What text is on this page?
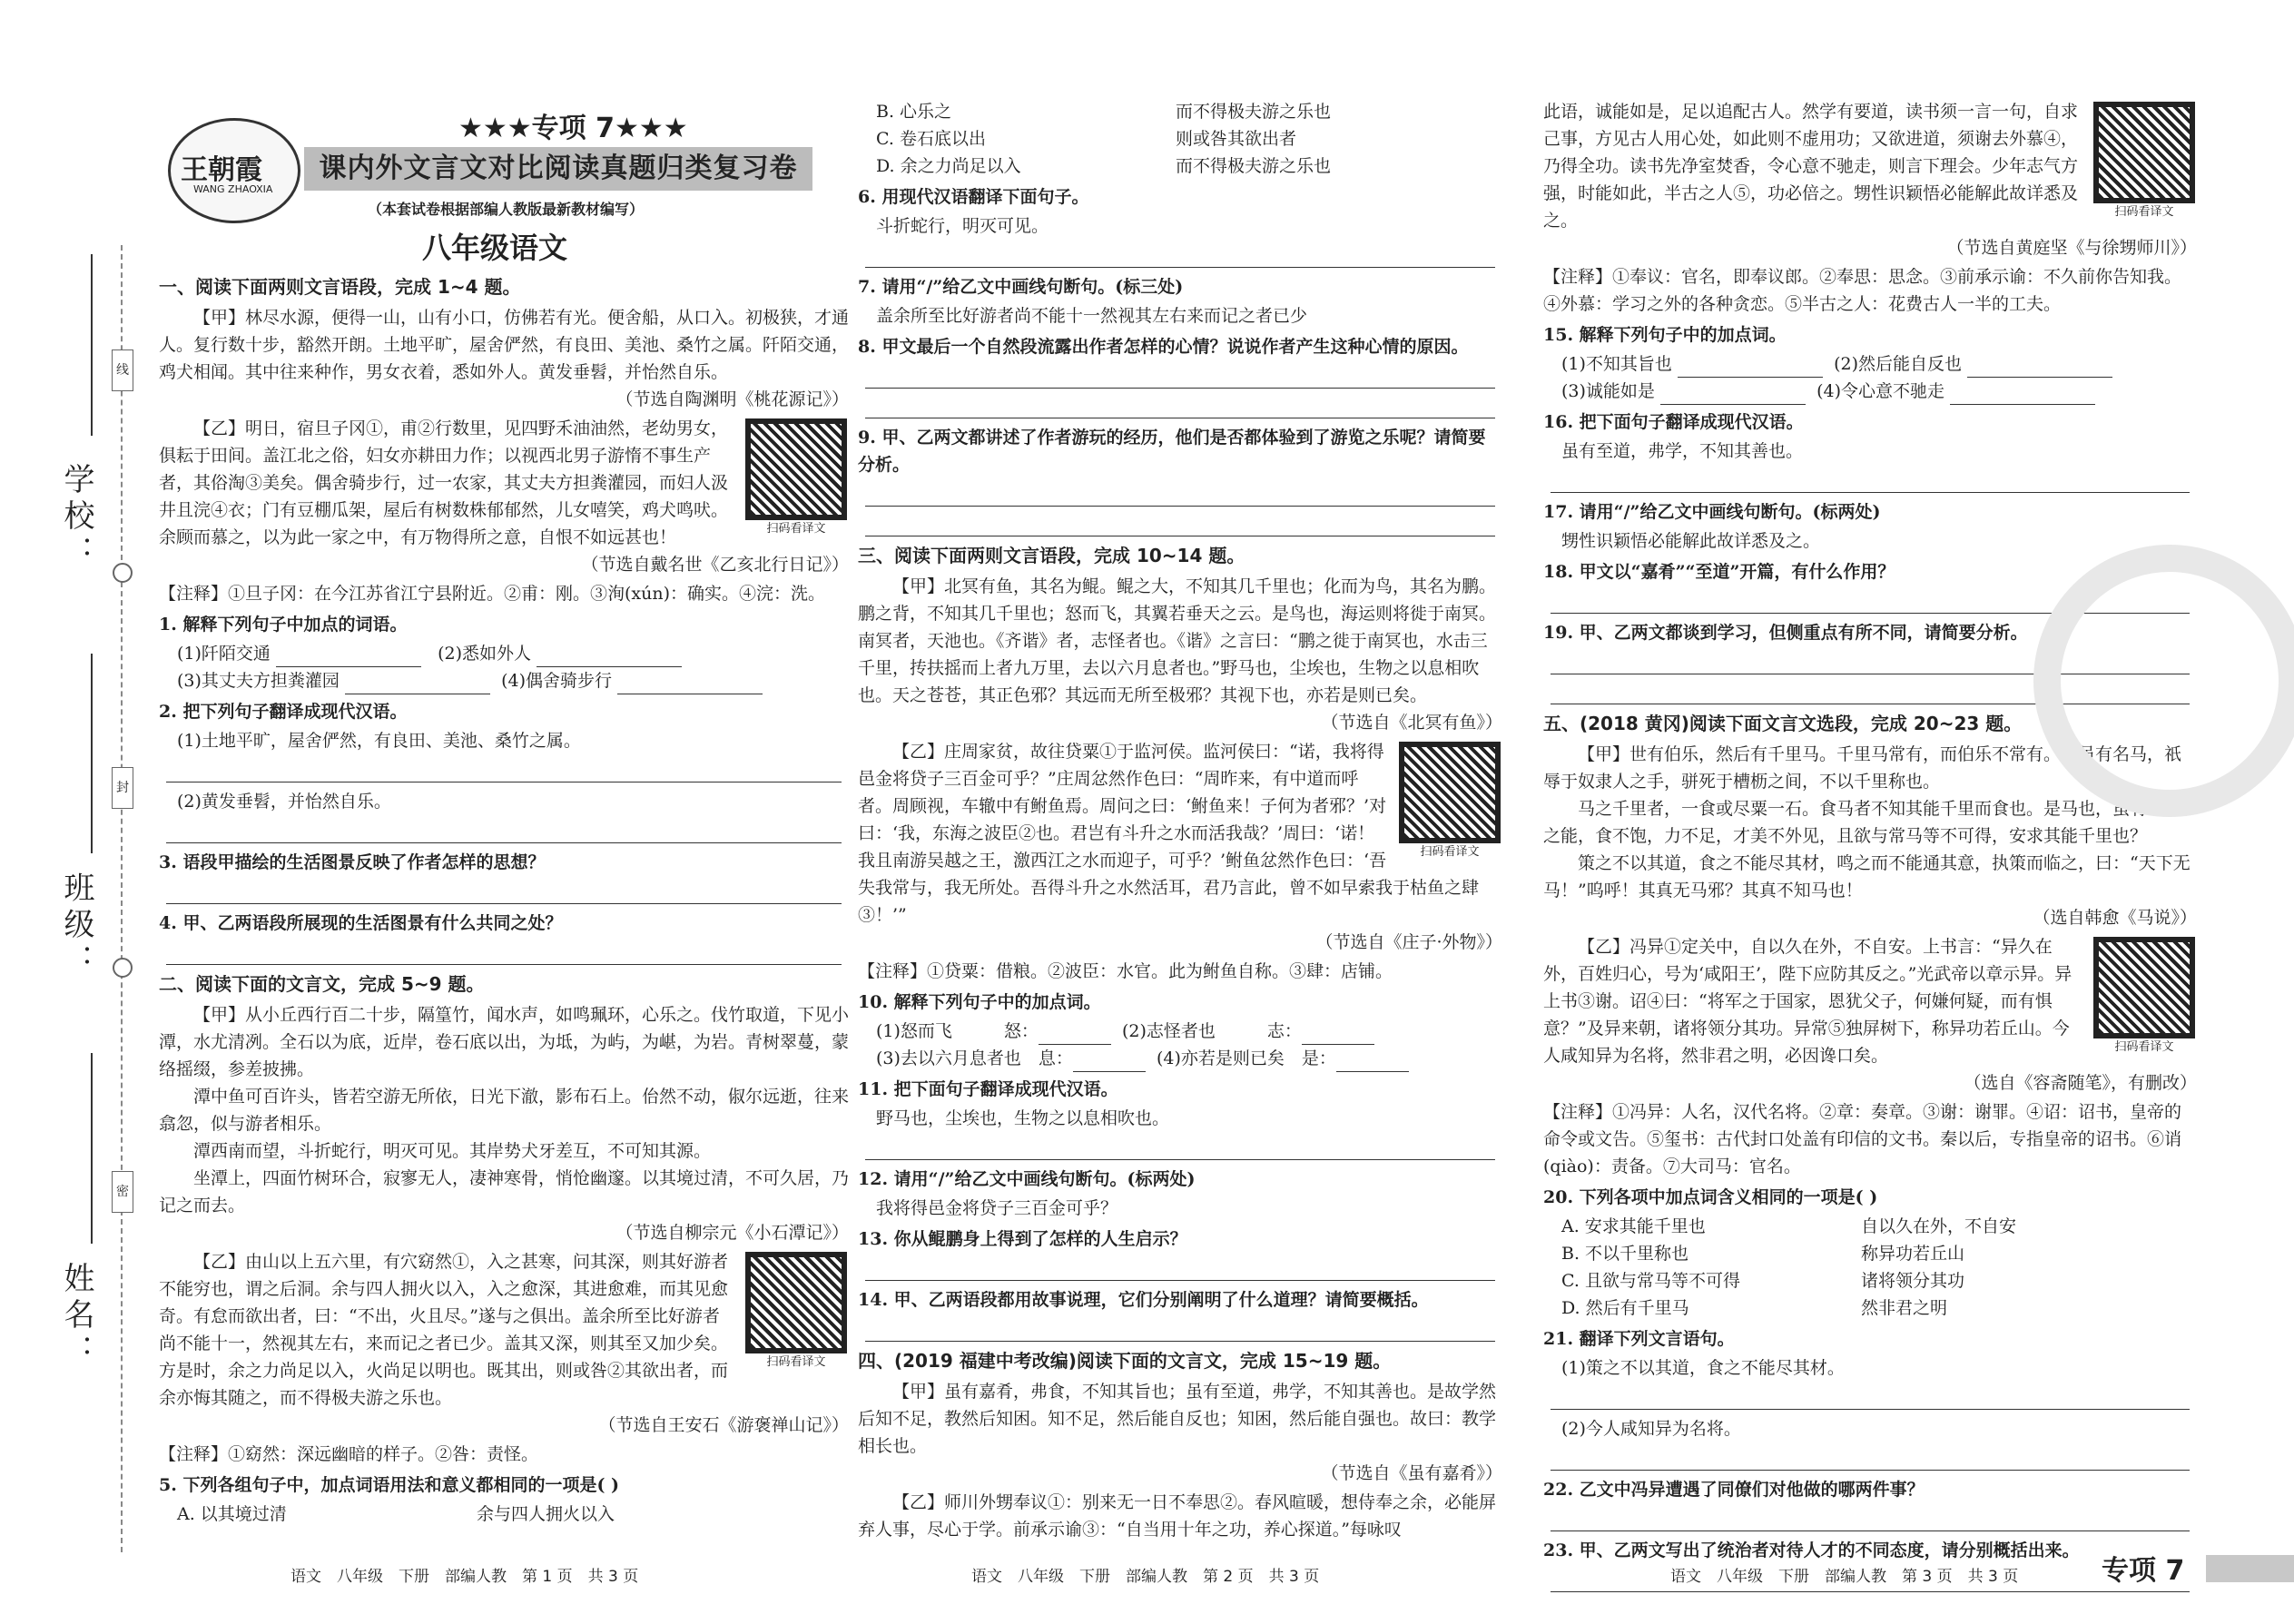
学校：
班级：
姓名：
线
封
密
王朝霞
WANG ZHAOXIA
★★★专项 7★★★
课内外文言文对比阅读真题归类复习卷
（本套试卷根据部编人教版最新教材编写）
八年级语文
一、阅读下面两则文言语段，完成 1~4 题。

【甲】林尽水源，便得一山，山有小口，仿佛若有光。便舍船，从口入。初极狭，才通人。复行数十步，豁然开朗。土地平旷，屋舍俨然，有良田、美池、桑竹之属。阡陌交通，鸡犬相闻。其中往来种作，男女衣着，悉如外人。黄发垂髫，并怡然自乐。

（节选自陶渊明《桃花源记》）

扫码看译文

【乙】明日，宿旦子冈①，甫②行数里，见四野禾油油然，老幼男女，俱耘于田间。盖江北之俗，妇女亦耕田力作；以视西北男子游惰不事生产者，其俗淘③美矣。偶舍骑步行，过一农家，其丈夫方担粪灌园，而妇人汲井且浣④衣；门有豆棚瓜架，屋后有树数株郁郁然，儿女嘻笑，鸡犬鸣吠。余顾而慕之，以为此一家之中，有万物得所之意，自恨不如远甚也！

（节选自戴名世《乙亥北行日记》）

【注释】①旦子冈：在今江苏省江宁县附近。②甫：刚。③洵(xún)：确实。④浣：洗。

1. 解释下列句子中加点的词语。
(1)阡陌交通	(2)悉如外人
(3)其丈夫方担粪灌园	(4)偶舍骑步行
2. 把下列句子翻译成现代汉语。
(1)土地平旷，屋舍俨然，有良田、美池、桑竹之属。
(2)黄发垂髫，并怡然自乐。
3. 语段甲描绘的生活图景反映了作者怎样的思想？
4. 甲、乙两语段所展现的生活图景有什么共同之处？
二、阅读下面的文言文，完成 5~9 题。

【甲】从小丘西行百二十步，隔篁竹，闻水声，如鸣珮环，心乐之。伐竹取道，下见小潭，水尤清冽。全石以为底，近岸，卷石底以出，为坻，为屿，为嵁，为岩。青树翠蔓，蒙络摇缀，参差披拂。

潭中鱼可百许头，皆若空游无所依，日光下澈，影布石上。佁然不动，俶尔远逝，往来翕忽，似与游者相乐。

潭西南而望，斗折蛇行，明灭可见。其岸势犬牙差互，不可知其源。

坐潭上，四面竹树环合，寂寥无人，凄神寒骨，悄怆幽邃。以其境过清，不可久居，乃记之而去。

（节选自柳宗元《小石潭记》）

扫码看译文

【乙】由山以上五六里，有穴窈然①，入之甚寒，问其深，则其好游者不能穷也，谓之后洞。余与四人拥火以入，入之愈深，其进愈难，而其见愈奇。有怠而欲出者，曰：“不出，火且尽。”遂与之俱出。盖余所至比好游者尚不能十一，然视其左右，来而记之者已少。盖其又深，则其至又加少矣。方是时，余之力尚足以入，火尚足以明也。既其出，则或咎②其欲出者，而余亦悔其随之，而不得极夫游之乐也。

（节选自王安石《游褒禅山记》）

【注释】①窈然：深远幽暗的样子。②咎：责怪。

5. 下列各组句子中，加点词语用法和意义都相同的一项是( )
A. 以其境过清	余与四人拥火以入
B. 心乐之	而不得极夫游之乐也
C. 卷石底以出	则或咎其欲出者
D. 余之力尚足以入	而不得极夫游之乐也
6. 用现代汉语翻译下面句子。
斗折蛇行，明灭可见。
7. 请用“/”给乙文中画线句断句。(标三处)
盖余所至比好游者尚不能十一然视其左右来而记之者已少
8. 甲文最后一个自然段流露出作者怎样的心情？说说作者产生这种心情的原因。
9. 甲、乙两文都讲述了作者游玩的经历，他们是否都体验到了游览之乐呢？请简要分析。
三、阅读下面两则文言语段，完成 10~14 题。

【甲】北冥有鱼，其名为鲲。鲲之大，不知其几千里也；化而为鸟，其名为鹏。鹏之背，不知其几千里也；怒而飞，其翼若垂天之云。是鸟也，海运则将徙于南冥。南冥者，天池也。《齐谐》者，志怪者也。《谐》之言曰：“鹏之徙于南冥也，水击三千里，抟扶摇而上者九万里，去以六月息者也。”野马也，尘埃也，生物之以息相吹也。天之苍苍，其正色邪？其远而无所至极邪？其视下也，亦若是则已矣。

（节选自《北冥有鱼》）

扫码看译文

【乙】庄周家贫，故往贷粟①于监河侯。监河侯曰：“诺，我将得邑金将贷子三百金可乎？”庄周忿然作色曰：“周昨来，有中道而呼者。周顾视，车辙中有鲋鱼焉。周问之曰：‘鲋鱼来！子何为者邪？’对曰：‘我，东海之波臣②也。君岂有斗升之水而活我哉？’周曰：‘诺！我且南游吴越之王，激西江之水而迎子，可乎？’鲋鱼忿然作色曰：‘吾失我常与，我无所处。吾得斗升之水然活耳，君乃言此，曾不如早索我于枯鱼之肆③！’”

（节选自《庄子·外物》）

【注释】①贷粟：借粮。②波臣：水官。此为鲋鱼自称。③肆：店铺。

10. 解释下列句子中的加点词。
(1)怒而飞　　　怒：	(2)志怪者也　　　志：
(3)去以六月息者也　息：	(4)亦若是则已矣　是：
11. 把下面句子翻译成现代汉语。
野马也，尘埃也，生物之以息相吹也。
12. 请用“/”给乙文中画线句断句。(标两处)
我将得邑金将贷子三百金可乎？
13. 你从鲲鹏身上得到了怎样的人生启示？
14. 甲、乙两语段都用故事说理，它们分别阐明了什么道理？请简要概括。
四、(2019 福建中考改编)阅读下面的文言文，完成 15~19 题。

【甲】虽有嘉肴，弗食，不知其旨也；虽有至道，弗学，不知其善也。是故学然后知不足，教然后知困。知不足，然后能自反也；知困，然后能自强也。故曰：教学相长也。

（节选自《虽有嘉肴》）

【乙】师川外甥奉议①：别来无一日不奉思②。春风暄暖，想侍奉之余，必能屏弃人事，尽心于学。前承示谕③：“自当用十年之功，养心探道。”每咏叹

扫码看译文

此语，诚能如是，足以追配古人。然学有要道，读书须一言一句，自求己事，方见古人用心处，如此则不虚用功；又欲进道，须谢去外慕④，乃得全功。读书先净室焚香，令心意不驰走，则言下理会。少年志气方强，时能如此，半古之人⑤，功必倍之。甥性识颖悟必能解此故详悉及之。

（节选自黄庭坚《与徐甥师川》）

【注释】①奉议：官名，即奉议郎。②奉思：思念。③前承示谕：不久前你告知我。④外慕：学习之外的各种贪恋。⑤半古之人：花费古人一半的工夫。

15. 解释下列句子中的加点词。
(1)不知其旨也	(2)然后能自反也
(3)诚能如是	(4)令心意不驰走
16. 把下面句子翻译成现代汉语。
虽有至道，弗学，不知其善也。
17. 请用“/”给乙文中画线句断句。(标两处)
甥性识颖悟必能解此故详悉及之。
18. 甲文以“嘉肴”“至道”开篇，有什么作用？
19. 甲、乙两文都谈到学习，但侧重点有所不同，请简要分析。
五、(2018 黄冈)阅读下面文言文选段，完成 20~23 题。

【甲】世有伯乐，然后有千里马。千里马常有，而伯乐不常有。故虽有名马，祇辱于奴隶人之手，骈死于槽枥之间，不以千里称也。

马之千里者，一食或尽粟一石。食马者不知其能千里而食也。是马也，虽有千里之能，食不饱，力不足，才美不外见，且欲与常马等不可得，安求其能千里也？

策之不以其道，食之不能尽其材，鸣之而不能通其意，执策而临之，曰：“天下无马！”呜呼！其真无马邪？其真不知马也！

（选自韩愈《马说》）

扫码看译文

【乙】冯异①定关中，自以久在外，不自安。上书言：“异久在外，百姓归心，号为‘咸阳王’，陛下应防其反之。”光武帝以章示异。异上书③谢。诏④曰：“将军之于国家，恩犹父子，何嫌何疑，而有惧意？”及异来朝，诸将领分其功。异常⑤独屏树下，称异功若丘山。今人咸知异为名将，然非君之明，必因谗口矣。

（选自《容斋随笔》，有删改）

【注释】①冯异：人名，汉代名将。②章：奏章。③谢：谢罪。④诏：诏书，皇帝的命令或文告。⑤玺书：古代封口处盖有印信的文书。秦以后，专指皇帝的诏书。⑥诮(qiào)：责备。⑦大司马：官名。

20. 下列各项中加点词含义相同的一项是( )
A. 安求其能千里也	自以久在外，不自安
B. 不以千里称也	称异功若丘山
C. 且欲与常马等不可得	诸将领分其功
D. 然后有千里马	然非君之明
21. 翻译下列文言语句。
(1)策之不以其道，食之不能尽其材。
(2)今人咸知异为名将。
22. 乙文中冯异遭遇了同僚们对他做的哪两件事？
23. 甲、乙两文写出了统治者对待人才的不同态度，请分别概括出来。
语文　八年级　下册　部编人教　第 1 页　共 3 页	语文　八年级　下册　部编人教　第 2 页　共 3 页	语文　八年级　下册　部编人教　第 3 页　共 3 页	专项 7
